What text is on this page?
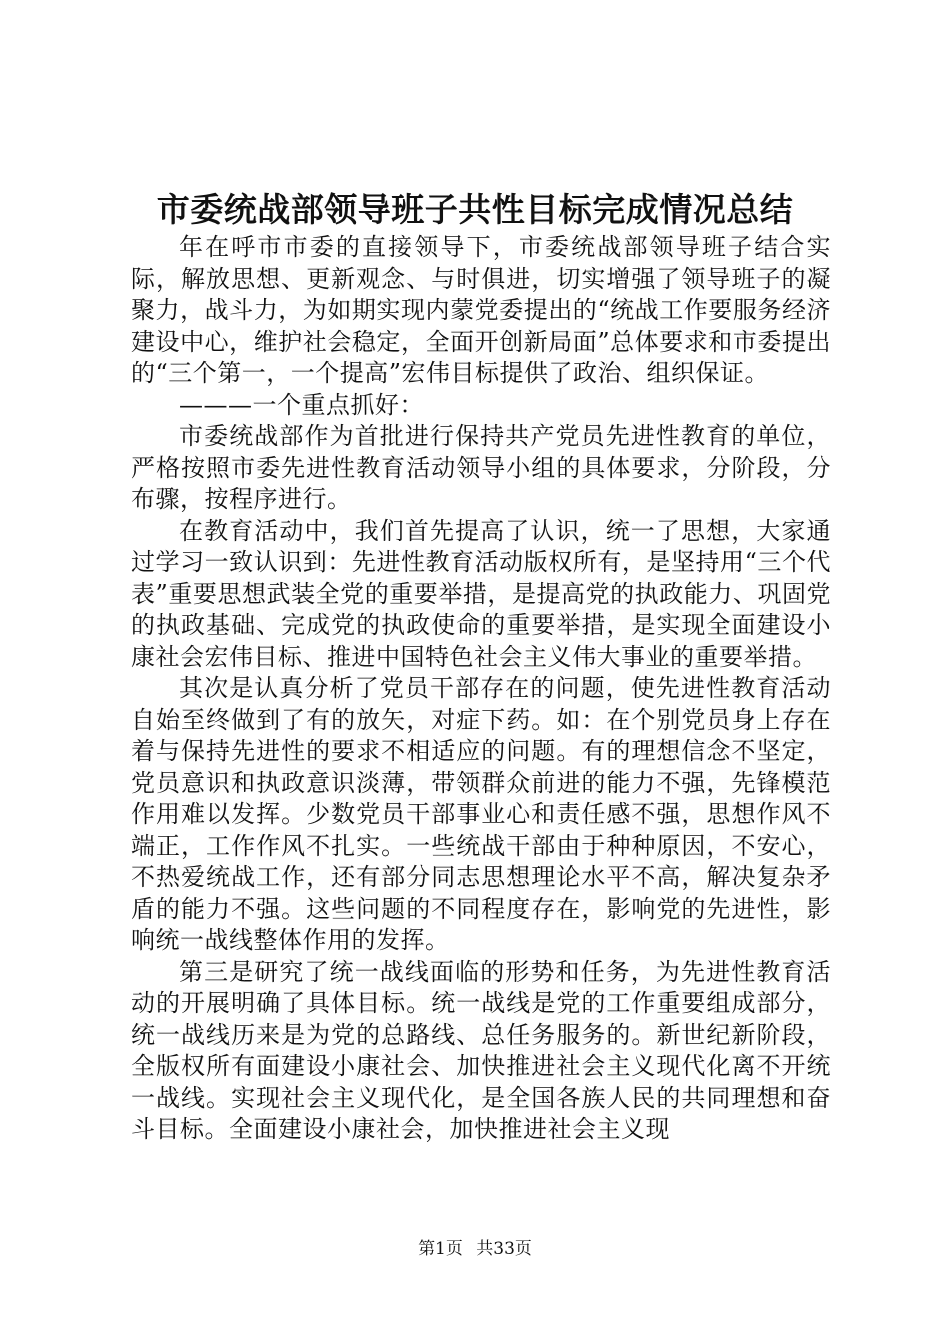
市委统战部领导班子共性目标完成情况总结

年在呼市市委的直接领导下，市委统战部领导班子结合实际，解放思想、更新观念、与时俱进，切实增强了领导班子的凝聚力，战斗力，为如期实现内蒙党委提出的“统战工作要服务经济建设中心，维护社会稳定，全面开创新局面”总体要求和市委提出的“三个第一，一个提高”宏伟目标提供了政治、组织保证。

———一个重点抓好：

市委统战部作为首批进行保持共产党员先进性教育的单位，严格按照市委先进性教育活动领导小组的具体要求，分阶段，分布骤，按程序进行。

在教育活动中，我们首先提高了认识，统一了思想，大家通过学习一致认识到：先进性教育活动版权所有，是坚持用“三个代表”重要思想武装全党的重要举措，是提高党的执政能力、巩固党的执政基础、完成党的执政使命的重要举措，是实现全面建设小康社会宏伟目标、推进中国特色社会主义伟大事业的重要举措。

其次是认真分析了党员干部存在的问题，使先进性教育活动自始至终做到了有的放矢，对症下药。如：在个别党员身上存在着与保持先进性的要求不相适应的问题。有的理想信念不坚定，党员意识和执政意识淡薄，带领群众前进的能力不强，先锋模范作用难以发挥。少数党员干部事业心和责任感不强，思想作风不端正，工作作风不扎实。一些统战干部由于种种原因，不安心，不热爱统战工作，还有部分同志思想理论水平不高，解决复杂矛盾的能力不强。这些问题的不同程度存在，影响党的先进性，影响统一战线整体作用的发挥。

第三是研究了统一战线面临的形势和任务，为先进性教育活动的开展明确了具体目标。统一战线是党的工作重要组成部分，统一战线历来是为党的总路线、总任务服务的。新世纪新阶段，全版权所有面建设小康社会、加快推进社会主义现代化离不开统一战线。实现社会主义现代化，是全国各族人民的共同理想和奋斗目标。全面建设小康社会，加快推进社会主义现

第1页 共33页
